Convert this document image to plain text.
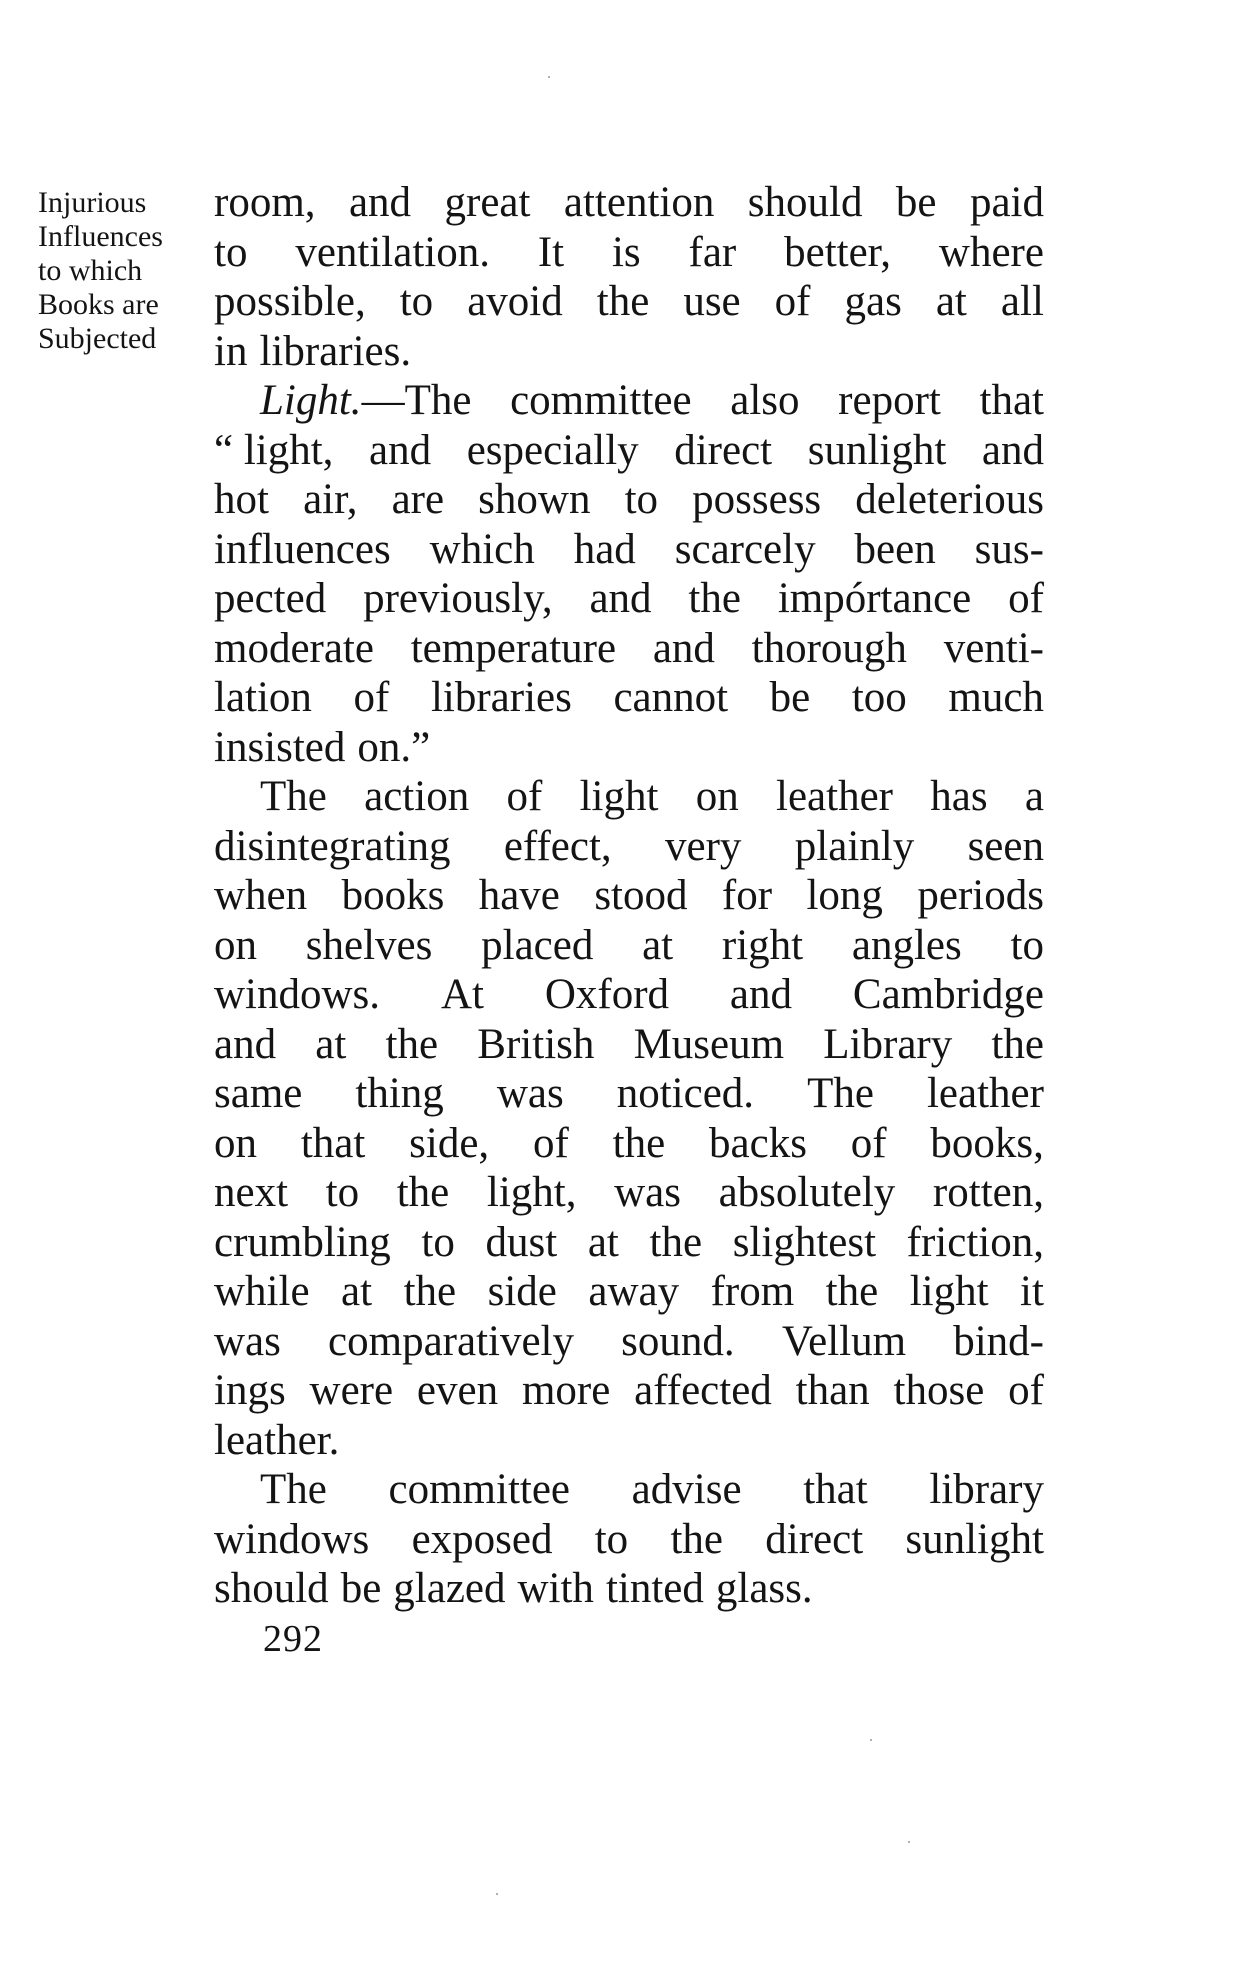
Injurious
Influences
to which
Books are
Subjected
room, and great attention should be paid
to ventilation. It is far better, where
possible, to avoid the use of gas at all
in libraries.
Light.—The committee also report that
“ light, and especially direct sunlight and
hot air, are shown to possess deleterious
influences which had scarcely been sus-
pected previously, and the impórtance of
moderate temperature and thorough venti-
lation of libraries cannot be too much
insisted on.”
The action of light on leather has a
disintegrating effect, very plainly seen
when books have stood for long periods
on shelves placed at right angles to
windows. At Oxford and Cambridge
and at the British Museum Library the
same thing was noticed. The leather
on that side, of the backs of books,
next to the light, was absolutely rotten,
crumbling to dust at the slightest friction,
while at the side away from the light it
was comparatively sound. Vellum bind-
ings were even more affected than those of
leather.
The committee advise that library
windows exposed to the direct sunlight
should be glazed with tinted glass.
292
